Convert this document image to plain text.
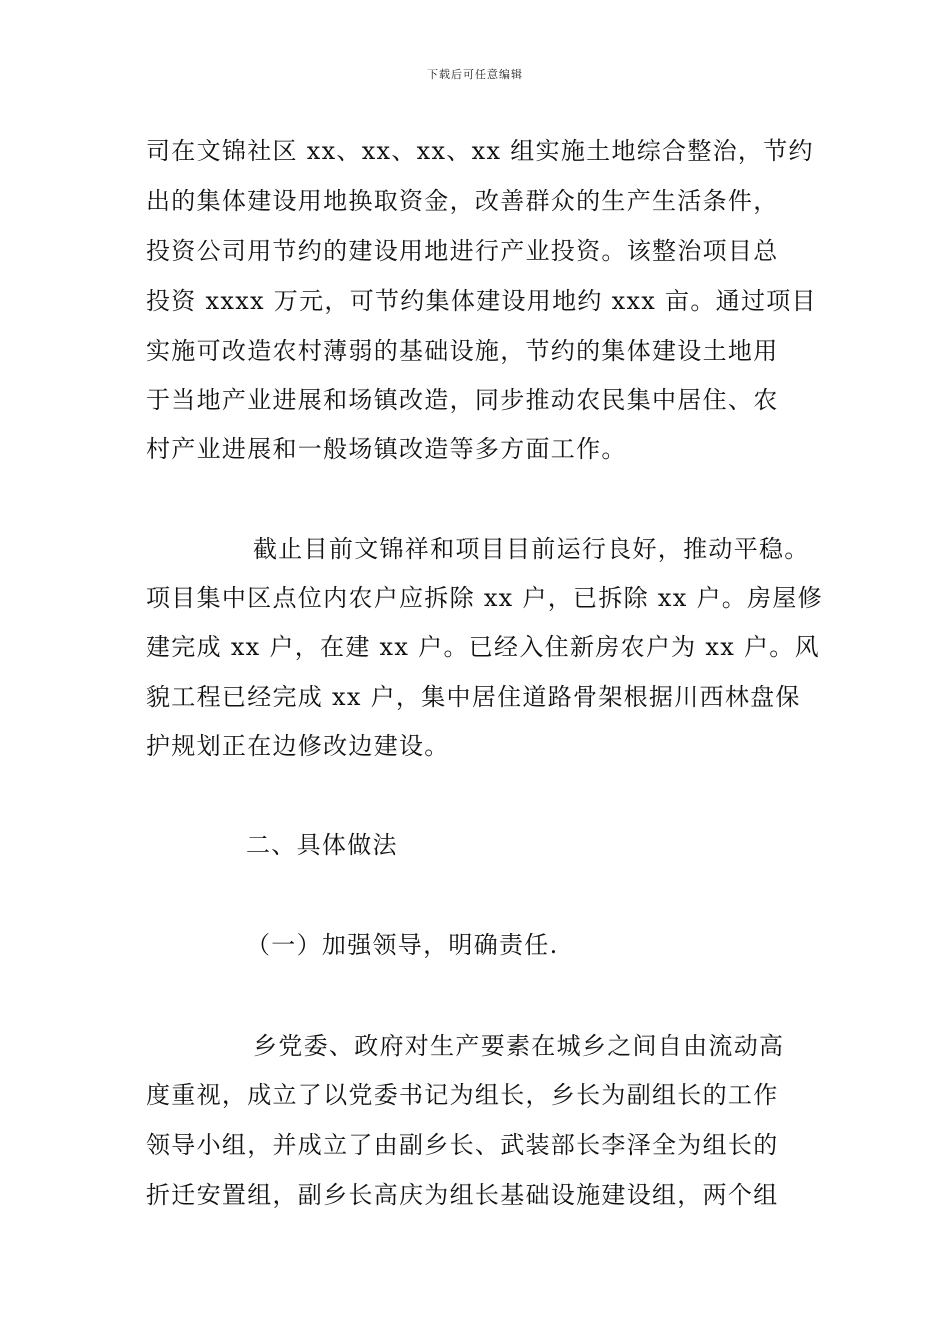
下载后可任意编辑
司在文锦社区 xx、xx、xx、xx 组实施土地综合整治，节约
出的集体建设用地换取资金，改善群众的生产生活条件，
投资公司用节约的建设用地进行产业投资。该整治项目总
投资 xxxx 万元，可节约集体建设用地约 xxx 亩。通过项目
实施可改造农村薄弱的基础设施，节约的集体建设土地用
于当地产业进展和场镇改造，同步推动农民集中居住、农
村产业进展和一般场镇改造等多方面工作。
截止目前文锦祥和项目目前运行良好，推动平稳。
项目集中区点位内农户应拆除 xx 户，已拆除 xx 户。房屋修
建完成 xx 户，在建 xx 户。已经入住新房农户为 xx 户。风
貌工程已经完成 xx 户，集中居住道路骨架根据川西林盘保
护规划正在边修改边建设。
二、具体做法
（一）加强领导，明确责任.
乡党委、政府对生产要素在城乡之间自由流动高
度重视，成立了以党委书记为组长，乡长为副组长的工作
领导小组，并成立了由副乡长、武装部长李泽全为组长的
折迁安置组，副乡长高庆为组长基础设施建设组，两个组
